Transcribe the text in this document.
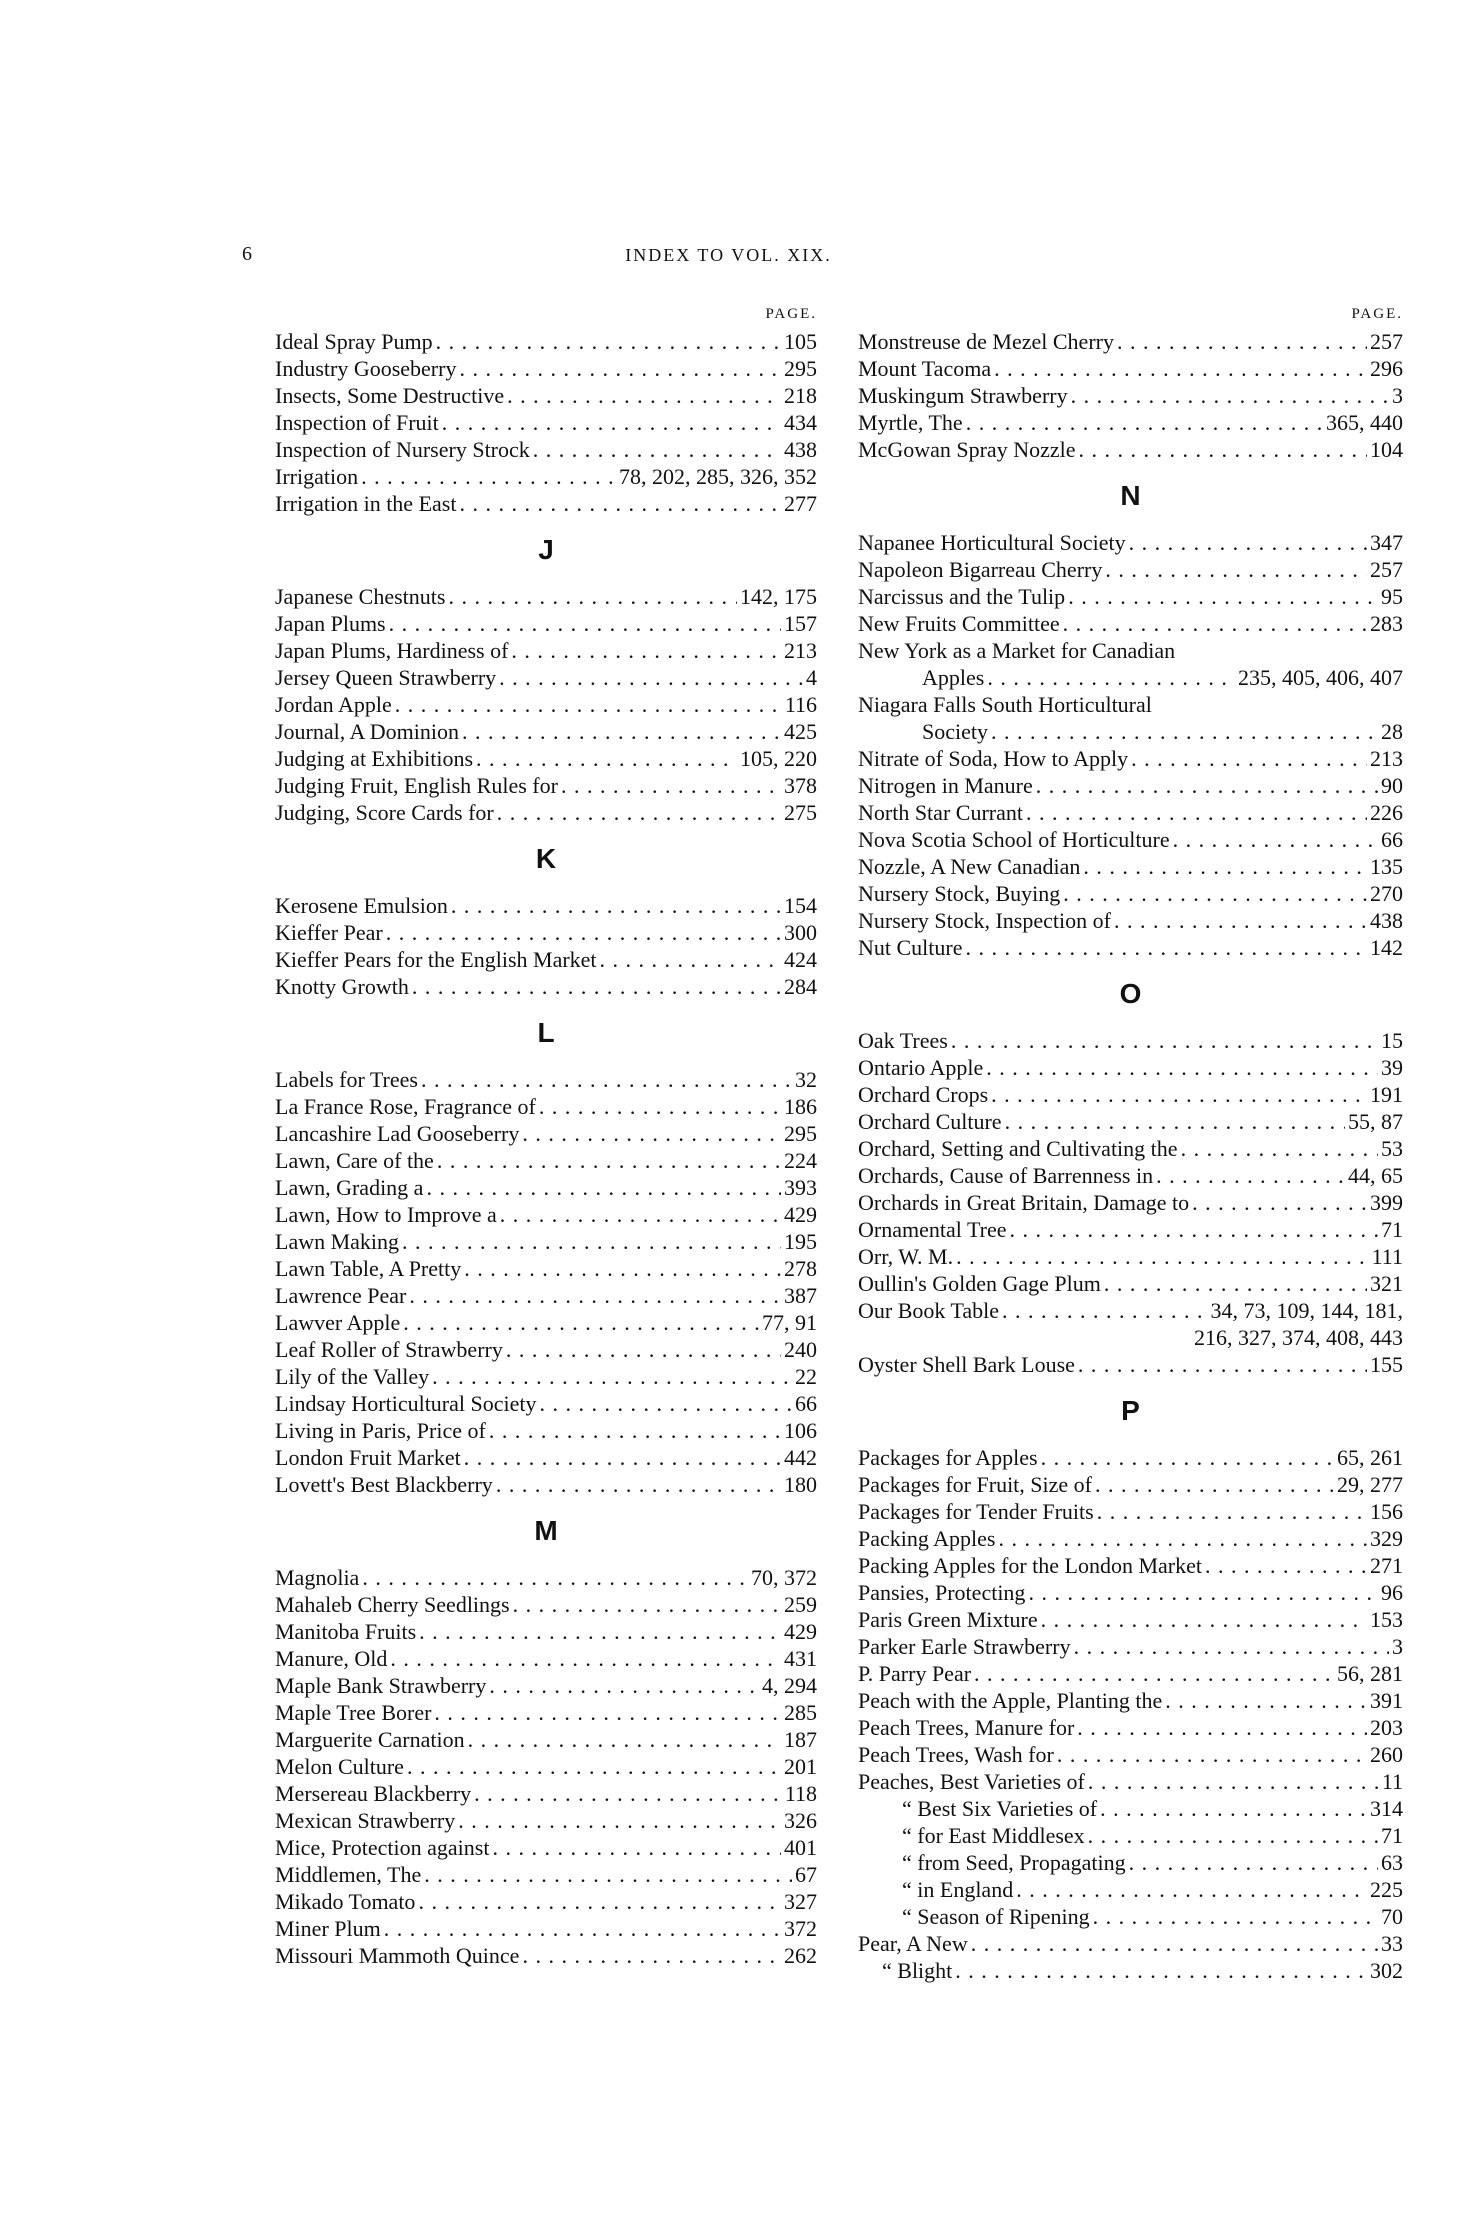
6	INDEX TO VOL. XIX.
PAGE.
Ideal Spray Pump . . .	105
Industry Gooseberry . . .	295
Insects, Some Destructive . . .	218
Inspection of Fruit . . .	434
Inspection of Nursery Strock . . .	438
Irrigation . . .	78, 202, 285, 326, 352
Irrigation in the East . . .	277
J
Japanese Chestnuts . . .	142, 175
Japan Plums . . .	157
Japan Plums, Hardiness of . . .	213
Jersey Queen Strawberry . . .	4
Jordan Apple . . .	116
Journal, A Dominion . . .	425
Judging at Exhibitions . . .	105, 220
Judging Fruit, English Rules for . . .	378
Judging, Score Cards for . . .	275
K
Kerosene Emulsion . . .	154
Kieffer Pear . . .	300
Kieffer Pears for the English Market . . .	424
Knotty Growth . . .	284
L
Labels for Trees . . .	32
La France Rose, Fragrance of . . .	186
Lancashire Lad Gooseberry . . .	295
Lawn, Care of the . . .	224
Lawn, Grading a . . .	393
Lawn, How to Improve a . . .	429
Lawn Making . . .	195
Lawn Table, A Pretty . . .	278
Lawrence Pear . . .	387
Lawver Apple . . .	77, 91
Leaf Roller of Strawberry . . .	240
Lily of the Valley . . .	22
Lindsay Horticultural Society . . .	66
Living in Paris, Price of . . .	106
London Fruit Market . . .	442
Lovett's Best Blackberry . . .	180
M
Magnolia . . .	70, 372
Mahaleb Cherry Seedlings . . .	259
Manitoba Fruits . . .	429
Manure, Old . . .	431
Maple Bank Strawberry . . .	4, 294
Maple Tree Borer . . .	285
Marguerite Carnation . . .	187
Melon Culture . . .	201
Mersereau Blackberry . . .	118
Mexican Strawberry . . .	326
Mice, Protection against . . .	401
Middlemen, The . . .	67
Mikado Tomato . . .	327
Miner Plum . . .	372
Missouri Mammoth Quince . . .	262
PAGE.
Monstreuse de Mezel Cherry . . .	257
Mount Tacoma . . .	296
Muskingum Strawberry . . .	3
Myrtle, The . . .	365, 440
McGowan Spray Nozzle . . .	104
N
Napanee Horticultural Society . . .	347
Napoleon Bigarreau Cherry . . .	257
Narcissus and the Tulip . . .	95
New Fruits Committee . . .	283
New York as a Market for Canadian
Apples . . .	235, 405, 406, 407
Niagara Falls South Horticultural
Society . . .	28
Nitrate of Soda, How to Apply . . .	213
Nitrogen in Manure . . .	90
North Star Currant . . .	226
Nova Scotia School of Horticulture . . .	66
Nozzle, A New Canadian . . .	135
Nursery Stock, Buying . . .	270
Nursery Stock, Inspection of . . .	438
Nut Culture . . .	142
O
Oak Trees . . .	15
Ontario Apple . . .	39
Orchard Crops . . .	191
Orchard Culture . . .	55, 87
Orchard, Setting and Cultivating the . . .	53
Orchards, Cause of Barrenness in . . .	44, 65
Orchards in Great Britain, Damage to . . .	399
Ornamental Tree . . .	71
Orr, W. M. . . .	111
Oullin's Golden Gage Plum . . .	321
Our Book Table . . .	34, 73, 109, 144, 181,
216, 327, 374, 408, 443
Oyster Shell Bark Louse . . .	155
P
Packages for Apples . . .	65, 261
Packages for Fruit, Size of . . .	29, 277
Packages for Tender Fruits . . .	156
Packing Apples . . .	329
Packing Apples for the London Market . . .	271
Pansies, Protecting . . .	96
Paris Green Mixture . . .	153
Parker Earle Strawberry . . .	3
P. Parry Pear . . .	56, 281
Peach with the Apple, Planting the . . .	391
Peach Trees, Manure for . . .	203
Peach Trees, Wash for . . .	260
Peaches, Best Varieties of . . .	11
“ Best Six Varieties of . . .	314
“ for East Middlesex . . .	71
“ from Seed, Propagating . . .	63
“ in England . . .	225
“ Season of Ripening . . .	70
Pear, A New . . .	33
“ Blight . . .	302
